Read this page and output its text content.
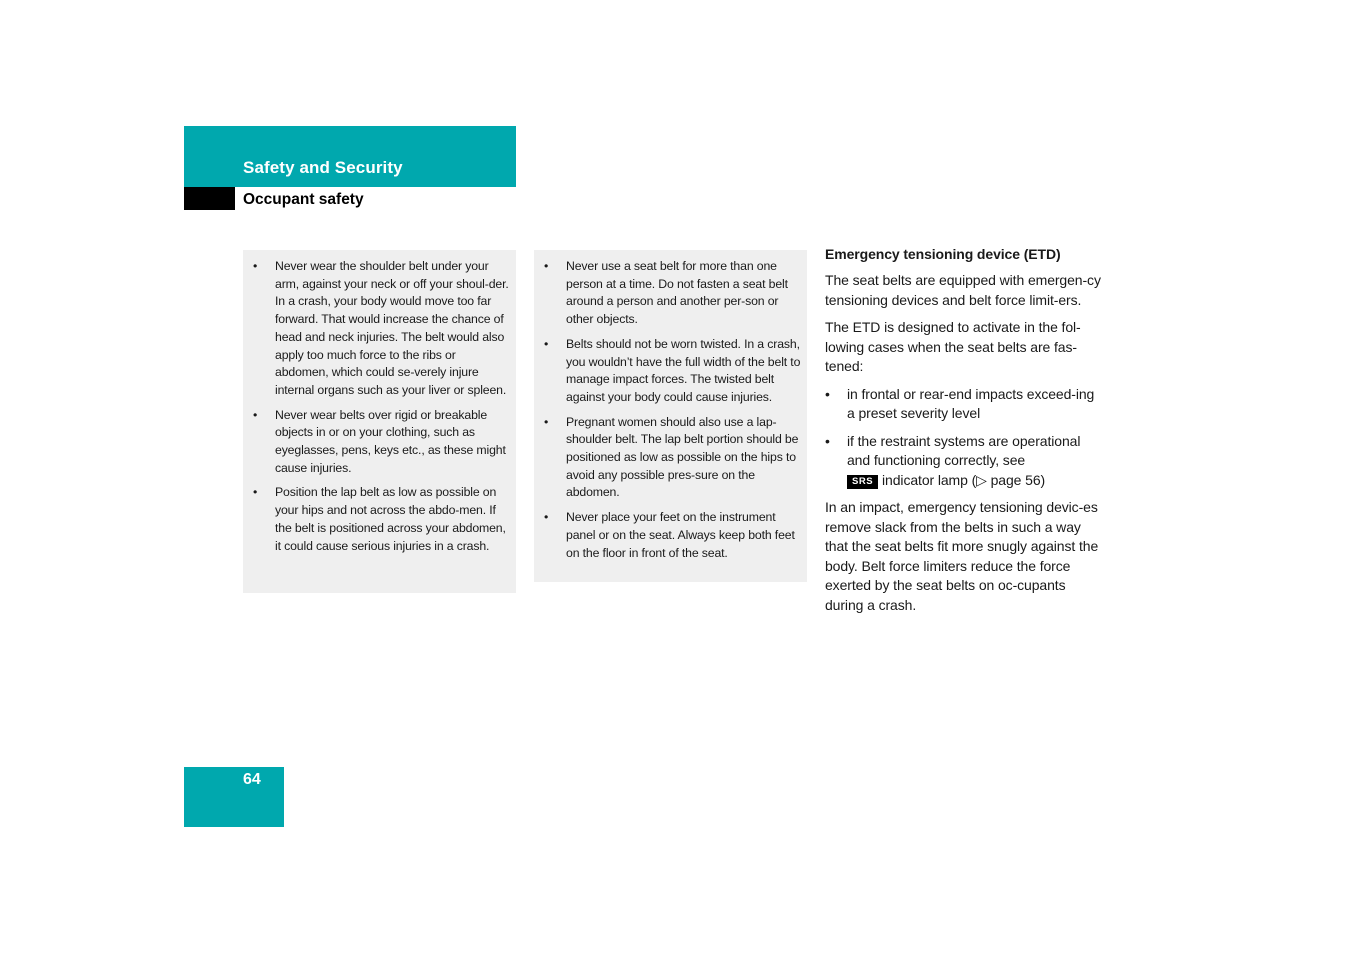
Safety and Security
Occupant safety
•	Never wear the shoulder belt under your arm, against your neck or off your shoul-der. In a crash, your body would move too far forward. That would increase the chance of head and neck injuries. The belt would also apply too much force to the ribs or abdomen, which could se-verely injure internal organs such as your liver or spleen.
•	Never wear belts over rigid or breakable objects in or on your clothing, such as eyeglasses, pens, keys etc., as these might cause injuries.
•	Position the lap belt as low as possible on your hips and not across the abdo-men. If the belt is positioned across your abdomen, it could cause serious injuries in a crash.
•	Never use a seat belt for more than one person at a time. Do not fasten a seat belt around a person and another per-son or other objects.
•	Belts should not be worn twisted. In a crash, you wouldn’t have the full width of the belt to manage impact forces. The twisted belt against your body could cause injuries.
•	Pregnant women should also use a lap-shoulder belt. The lap belt portion should be positioned as low as possible on the hips to avoid any possible pres-sure on the abdomen.
•	Never place your feet on the instrument panel or on the seat. Always keep both feet on the floor in front of the seat.
Emergency tensioning device (ETD)

The seat belts are equipped with emergen-cy tensioning devices and belt force limit-ers.

The ETD is designed to activate in the fol-lowing cases when the seat belts are fas-tened:

•	in frontal or rear-end impacts exceed-ing a preset severity level
•	if the restraint systems are operational and functioning correctly, see
SRS indicator lamp (▷ page 56)

In an impact, emergency tensioning devic-es remove slack from the belts in such a way that the seat belts fit more snugly against the body. Belt force limiters reduce the force exerted by the seat belts on oc-cupants during a crash.

64
